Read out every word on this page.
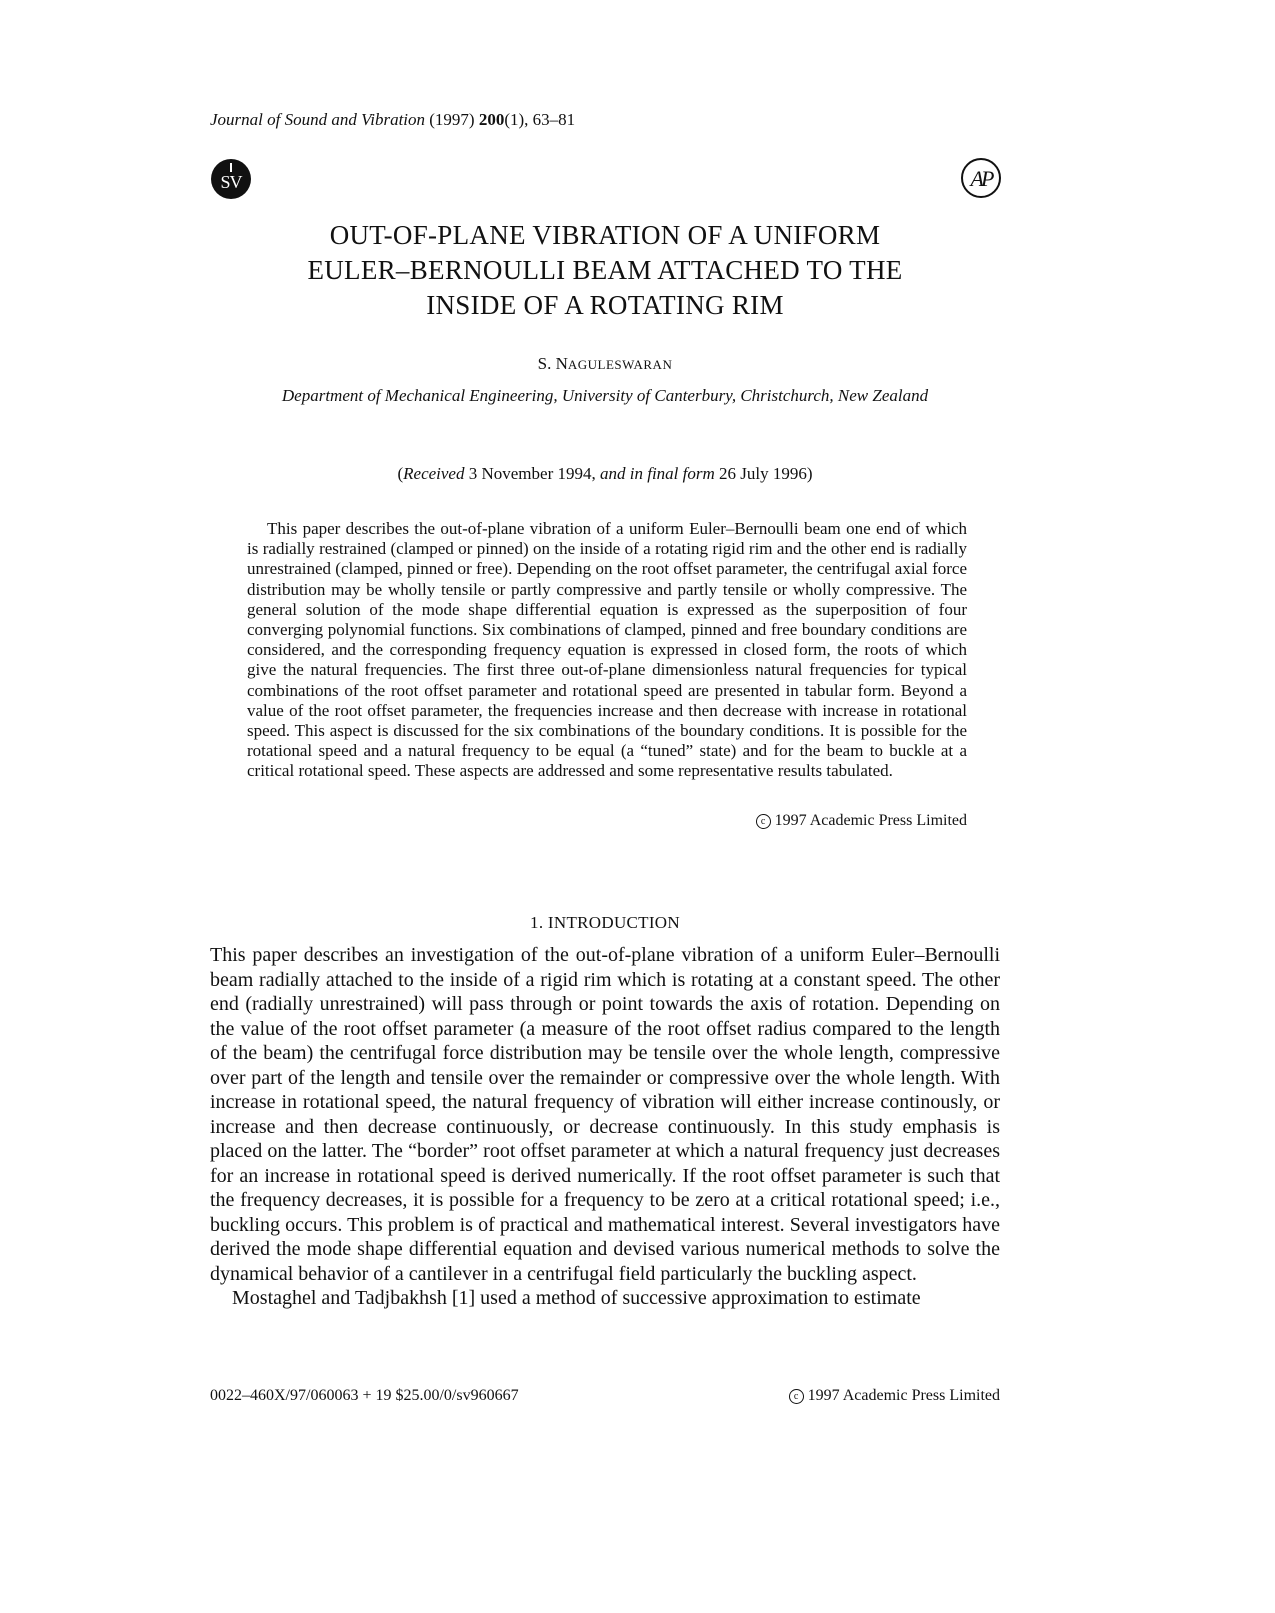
Journal of Sound and Vibration (1997) 200(1), 63–81
SV	AP
OUT-OF-PLANE VIBRATION OF A UNIFORM
EULER–BERNOULLI BEAM ATTACHED TO THE
INSIDE OF A ROTATING RIM
S. NAGULESWARAN
Department of Mechanical Engineering, University of Canterbury, Christchurch, New Zealand
(Received 3 November 1994, and in final form 26 July 1996)
This paper describes the out-of-plane vibration of a uniform Euler–Bernoulli beam one end of which is radially restrained (clamped or pinned) on the inside of a rotating rigid rim and the other end is radially unrestrained (clamped, pinned or free). Depending on the root offset parameter, the centrifugal axial force distribution may be wholly tensile or partly compressive and partly tensile or wholly compressive. The general solution of the mode shape differential equation is expressed as the superposition of four converging polynomial functions. Six combinations of clamped, pinned and free boundary conditions are considered, and the corresponding frequency equation is expressed in closed form, the roots of which give the natural frequencies. The first three out-of-plane dimensionless natural frequencies for typical combinations of the root offset parameter and rotational speed are presented in tabular form. Beyond a value of the root offset parameter, the frequencies increase and then decrease with increase in rotational speed. This aspect is discussed for the six combinations of the boundary conditions. It is possible for the rotational speed and a natural frequency to be equal (a “tuned” state) and for the beam to buckle at a critical rotational speed. These aspects are addressed and some representative results tabulated.
c 1997 Academic Press Limited
1. INTRODUCTION

This paper describes an investigation of the out-of-plane vibration of a uniform Euler–Bernoulli beam radially attached to the inside of a rigid rim which is rotating at a constant speed. The other end (radially unrestrained) will pass through or point towards the axis of rotation. Depending on the value of the root offset parameter (a measure of the root offset radius compared to the length of the beam) the centrifugal force distribution may be tensile over the whole length, compressive over part of the length and tensile over the remainder or compressive over the whole length. With increase in rotational speed, the natural frequency of vibration will either increase continously, or increase and then decrease continuously, or decrease continuously. In this study emphasis is placed on the latter. The “border” root offset parameter at which a natural frequency just decreases for an increase in rotational speed is derived numerically. If the root offset parameter is such that the frequency decreases, it is possible for a frequency to be zero at a critical rotational speed; i.e., buckling occurs. This problem is of practical and mathematical interest. Several investigators have derived the mode shape differential equation and devised various numerical methods to solve the dynamical behavior of a cantilever in a centrifugal field particularly the buckling aspect.

Mostaghel and Tadjbakhsh [1] used a method of successive approximation to estimate

0022–460X/97/060063 + 19 $25.00/0/sv960667	c 1997 Academic Press Limited
